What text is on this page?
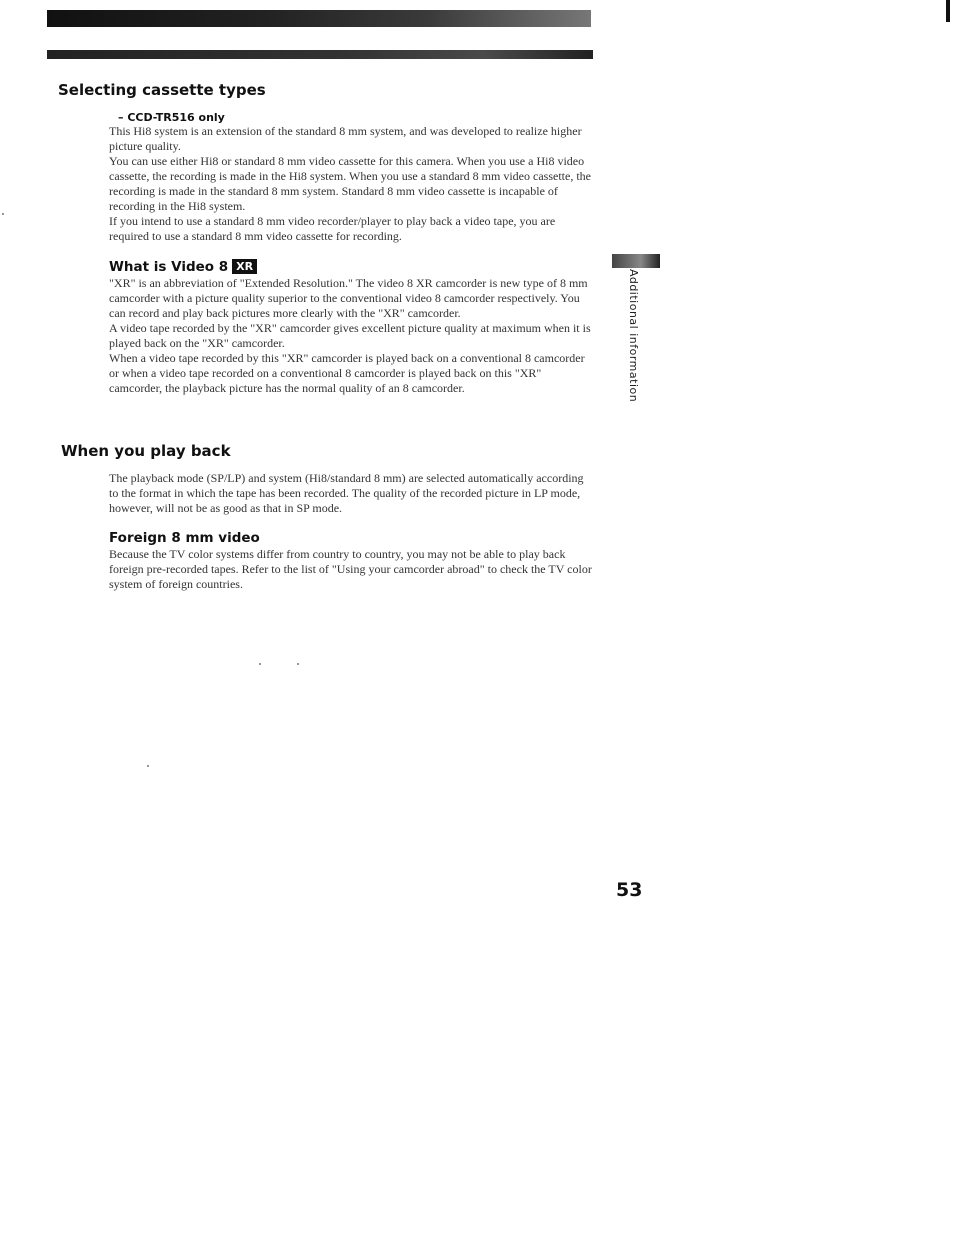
Selecting cassette types
– CCD-TR516 only

This Hi8 system is an extension of the standard 8 mm system, and was developed to realize higher picture quality.

You can use either Hi8 or standard 8 mm video cassette for this camera. When you use a Hi8 video cassette, the recording is made in the Hi8 system. When you use a standard 8 mm video cassette, the recording is made in the standard 8 mm system. Standard 8 mm video cassette is incapable of recording in the Hi8 system.

If you intend to use a standard 8 mm video recorder/player to play back a video tape, you are required to use a standard 8 mm video cassette for recording.

What is Video 8 XR

"XR" is an abbreviation of "Extended Resolution." The video 8 XR camcorder is new type of 8 mm camcorder with a picture quality superior to the conventional video 8 camcorder respectively. You can record and play back pictures more clearly with the "XR" camcorder.

A video tape recorded by the "XR" camcorder gives excellent picture quality at maximum when it is played back on the "XR" camcorder.

When a video tape recorded by this "XR" camcorder is played back on a conventional 8 camcorder or when a video tape recorded on a conventional 8 camcorder is played back on this "XR" camcorder, the playback picture has the normal quality of an 8 camcorder.

When you play back

The playback mode (SP/LP) and system (Hi8/standard 8 mm) are selected automatically according to the format in which the tape has been recorded. The quality of the recorded picture in LP mode, however, will not be as good as that in SP mode.

Foreign 8 mm video

Because the TV color systems differ from country to country, you may not be able to play back foreign pre-recorded tapes. Refer to the list of "Using your camcorder abroad" to check the TV color system of foreign countries.

Additional information
53
